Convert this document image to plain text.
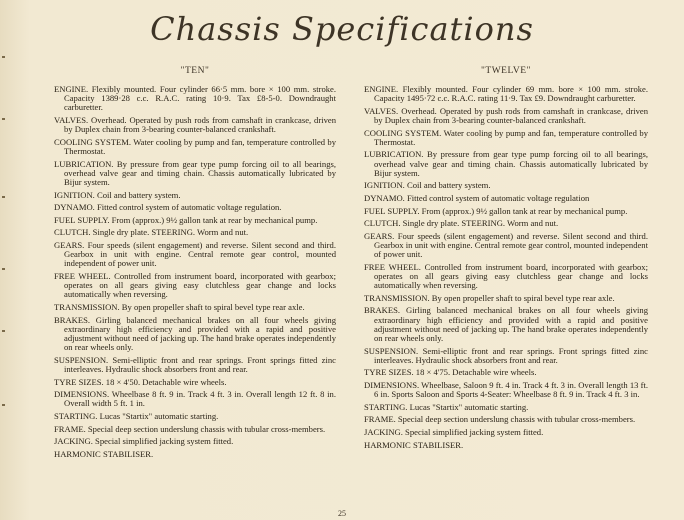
Chassis Specifications
"TEN"

ENGINE. Flexibly mounted. Four cylinder 66·5 mm. bore × 100 mm. stroke. Capacity 1389·28 c.c. R.A.C. rating 10·9. Tax £8-5-0. Downdraught carburetter.

VALVES. Overhead. Operated by push rods from camshaft in crankcase, driven by Duplex chain from 3-bearing counter-balanced crankshaft.

COOLING SYSTEM. Water cooling by pump and fan, temperature controlled by Thermostat.

LUBRICATION. By pressure from gear type pump forcing oil to all bearings, overhead valve gear and timing chain. Chassis automatically lubricated by Bijur system.

IGNITION. Coil and battery system.

DYNAMO. Fitted control system of automatic voltage regulation.

FUEL SUPPLY. From (approx.) 9½ gallon tank at rear by mechanical pump.

CLUTCH. Single dry plate. STEERING. Worm and nut.

GEARS. Four speeds (silent engagement) and reverse. Silent second and third. Gearbox in unit with engine. Central remote gear control, mounted independent of power unit.

FREE WHEEL. Controlled from instrument board, incorporated with gearbox; operates on all gears giving easy clutchless gear change and locks automatically when reversing.

TRANSMISSION. By open propeller shaft to spiral bevel type rear axle.

BRAKES. Girling balanced mechanical brakes on all four wheels giving extraordinary high efficiency and provided with a rapid and positive adjustment without need of jacking up. The hand brake operates independently on rear wheels only.

SUSPENSION. Semi-elliptic front and rear springs. Front springs fitted zinc interleaves. Hydraulic shock absorbers front and rear.

TYRE SIZES. 18 × 4'50. Detachable wire wheels.

DIMENSIONS. Wheelbase 8 ft. 9 in. Track 4 ft. 3 in. Overall length 12 ft. 8 in. Overall width 5 ft. 1 in.

STARTING. Lucas "Startix" automatic starting.

FRAME. Special deep section underslung chassis with tubular cross-members.

JACKING. Special simplified jacking system fitted.

HARMONIC STABILISER.

"TWELVE"

ENGINE. Flexibly mounted. Four cylinder 69 mm. bore × 100 mm. stroke. Capacity 1495·72 c.c. R.A.C. rating 11·9. Tax £9. Downdraught carburetter.

VALVES. Overhead. Operated by push rods from camshaft in crankcase, driven by Duplex chain from 3-bearing counter-balanced crankshaft.

COOLING SYSTEM. Water cooling by pump and fan, temperature controlled by Thermostat.

LUBRICATION. By pressure from gear type pump forcing oil to all bearings, overhead valve gear and timing chain. Chassis automatically lubricated by Bijur system.

IGNITION. Coil and battery system.

DYNAMO. Fitted control system of automatic voltage regulation

FUEL SUPPLY. From (approx.) 9½ gallon tank at rear by mechanical pump.

CLUTCH. Single dry plate. STEERING. Worm and nut.

GEARS. Four speeds (silent engagement) and reverse. Silent second and third. Gearbox in unit with engine. Central remote gear control, mounted independent of power unit.

FREE WHEEL. Controlled from instrument board, incorporated with gearbox; operates on all gears giving easy clutchless gear change and locks automatically when reversing.

TRANSMISSION. By open propeller shaft to spiral bevel type rear axle.

BRAKES. Girling balanced mechanical brakes on all four wheels giving extraordinary high efficiency and provided with a rapid and positive adjustment without need of jacking up. The hand brake operates independently on rear wheels only.

SUSPENSION. Semi-elliptic front and rear springs. Front springs fitted zinc interleaves. Hydraulic shock absorbers front and rear.

TYRE SIZES. 18 × 4'75. Detachable wire wheels.

DIMENSIONS. Wheelbase, Saloon 9 ft. 4 in. Track 4 ft. 3 in. Overall length 13 ft. 6 in. Sports Saloon and Sports 4-Seater: Wheelbase 8 ft. 9 in. Track 4 ft. 3 in.

STARTING. Lucas "Startix" automatic starting.

FRAME. Special deep section underslung chassis with tubular cross-members.

JACKING. Special simplified jacking system fitted.

HARMONIC STABILISER.

25
